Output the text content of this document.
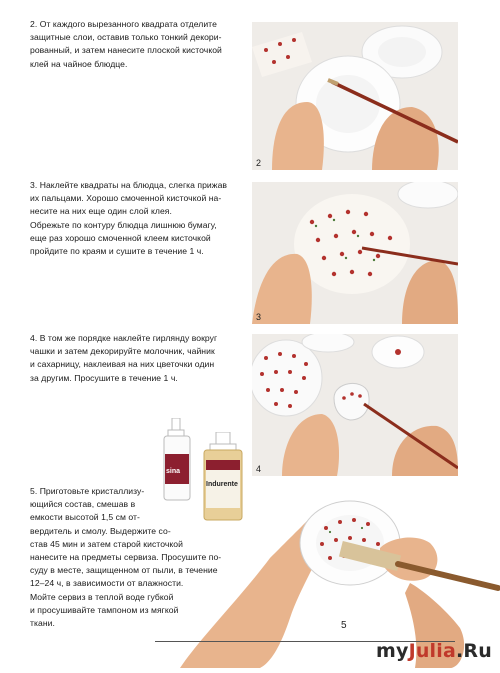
2. От каждого вырезанного квадрата отделите
защитные слои, оставив только тонкий декори-
рованный, и затем нанесите плоской кисточкой
клей на чайное блюдце.
2
3. Наклейте квадраты на блюдца, слегка прижав
их пальцами. Хорошо смоченной кисточкой на-
несите на них еще один слой клея.
Обрежьте по контуру блюдца лишнюю бумагу,
еще раз хорошо смоченной клеем кисточкой
пройдите по краям и сушите в течение 1 ч.
3
4. В том же порядке наклейте гирлянду вокруг
чашки и затем декорируйте молочник, чайник
и сахарницу, наклеивая на них цветочки один
за другим. Просушите в течение 1 ч.
4
sina
Indurente
5. Приготовьте кристаллизу-
ющийся состав, смешав в
емкости высотой 1,5 см от-
вердитель и смолу. Выдержите со-
став 45 мин и затем старой кисточкой
нанесите на предметы сервиза. Просушите по-
суду в месте, защищенном от пыли, в течение
12–24 ч, в зависимости от влажности.
Мойте сервиз в теплой воде губкой
и просушивайте тампоном из мягкой
ткани.	5
myJulia.Ru
